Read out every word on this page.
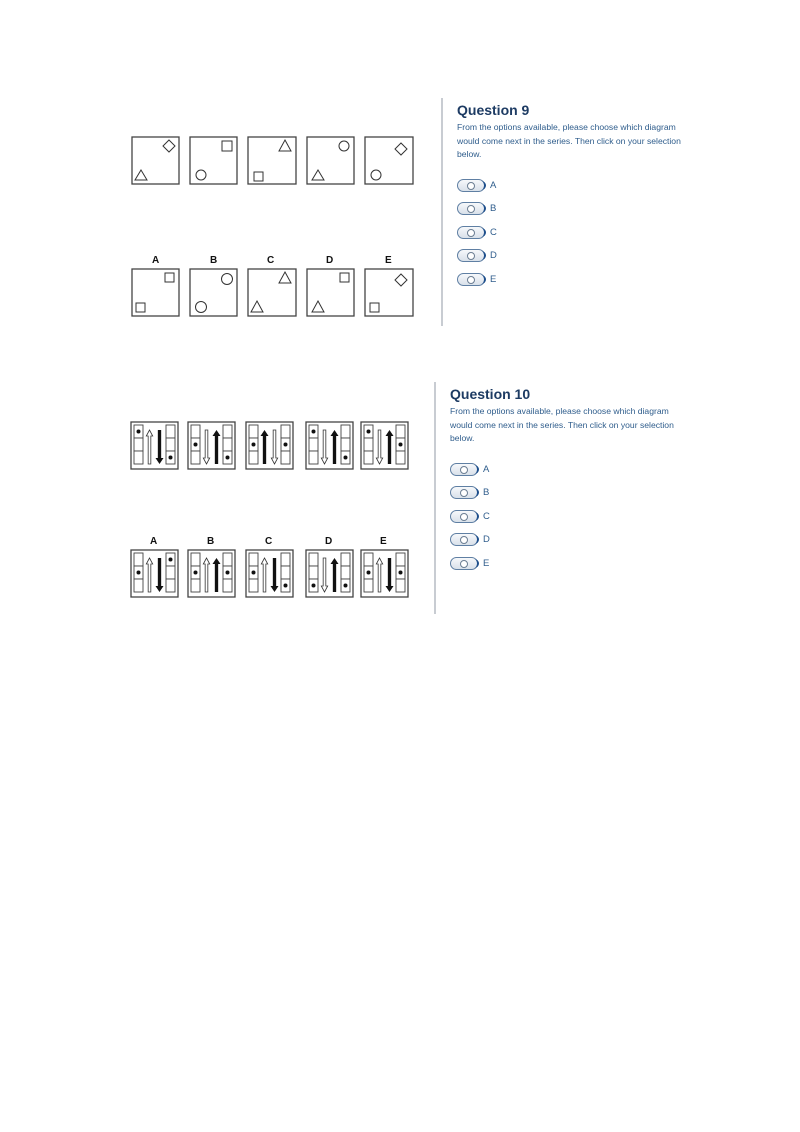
A	B	C	D	E
Question 9
From the options available, please choose which diagram would come next in the series. Then click on your selection below.
A
B
C
D
E
A	B	C	D	E
Question 10
From the options available, please choose which diagram would come next in the series. Then click on your selection below.
A
B
C
D
E
